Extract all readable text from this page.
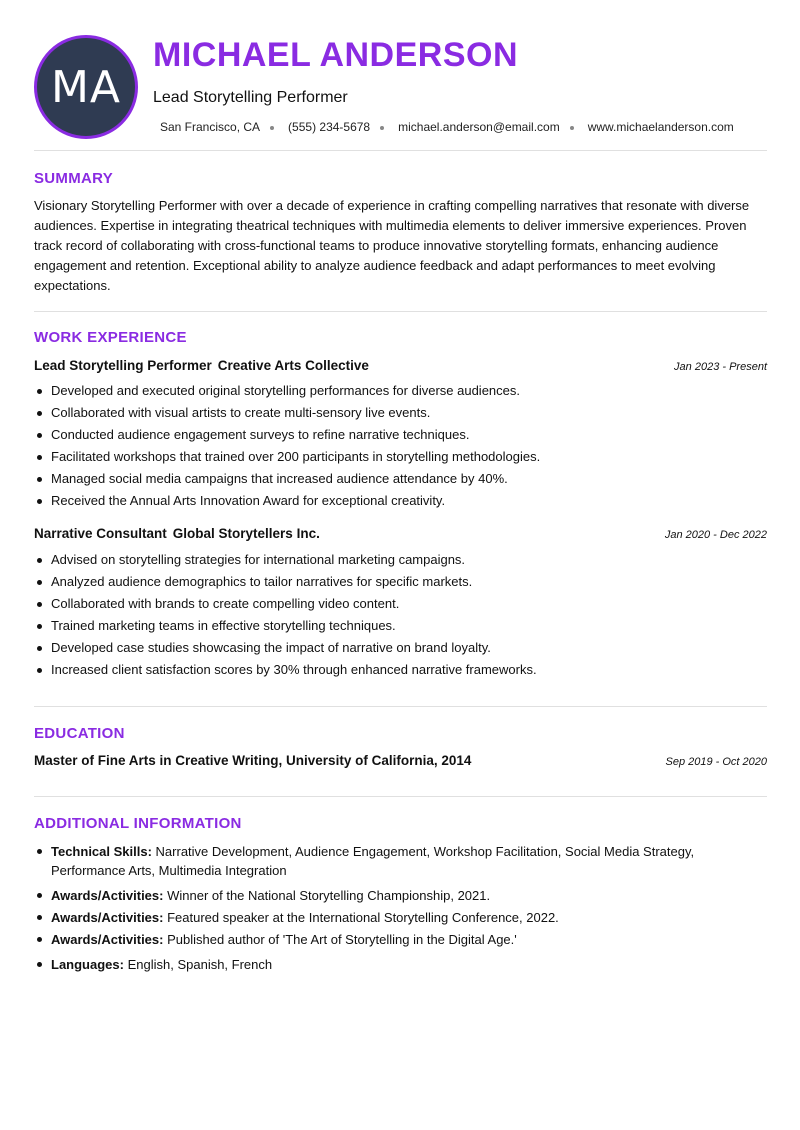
MA
MICHAEL ANDERSON
Lead Storytelling Performer
San Francisco, CA (555) 234-5678 michael.anderson@email.com www.michaelanderson.com
SUMMARY
Visionary Storytelling Performer with over a decade of experience in crafting compelling narratives that resonate with diverse audiences. Expertise in integrating theatrical techniques with multimedia elements to deliver immersive experiences. Proven track record of collaborating with cross-functional teams to produce innovative storytelling formats, enhancing audience engagement and retention. Exceptional ability to analyze audience feedback and adapt performances to meet evolving expectations.
WORK EXPERIENCE
Lead Storytelling Performer Creative Arts Collective	Jan 2023 - Present
Developed and executed original storytelling performances for diverse audiences.
Collaborated with visual artists to create multi-sensory live events.
Conducted audience engagement surveys to refine narrative techniques.
Facilitated workshops that trained over 200 participants in storytelling methodologies.
Managed social media campaigns that increased audience attendance by 40%.
Received the Annual Arts Innovation Award for exceptional creativity.
Narrative Consultant Global Storytellers Inc.	Jan 2020 - Dec 2022
Advised on storytelling strategies for international marketing campaigns.
Analyzed audience demographics to tailor narratives for specific markets.
Collaborated with brands to create compelling video content.
Trained marketing teams in effective storytelling techniques.
Developed case studies showcasing the impact of narrative on brand loyalty.
Increased client satisfaction scores by 30% through enhanced narrative frameworks.
EDUCATION
Master of Fine Arts in Creative Writing, University of California, 2014	Sep 2019 - Oct 2020
ADDITIONAL INFORMATION
Technical Skills: Narrative Development, Audience Engagement, Workshop Facilitation, Social Media Strategy, Performance Arts, Multimedia Integration
Awards/Activities: Winner of the National Storytelling Championship, 2021.
Awards/Activities: Featured speaker at the International Storytelling Conference, 2022.
Awards/Activities: Published author of 'The Art of Storytelling in the Digital Age.'
Languages: English, Spanish, French
